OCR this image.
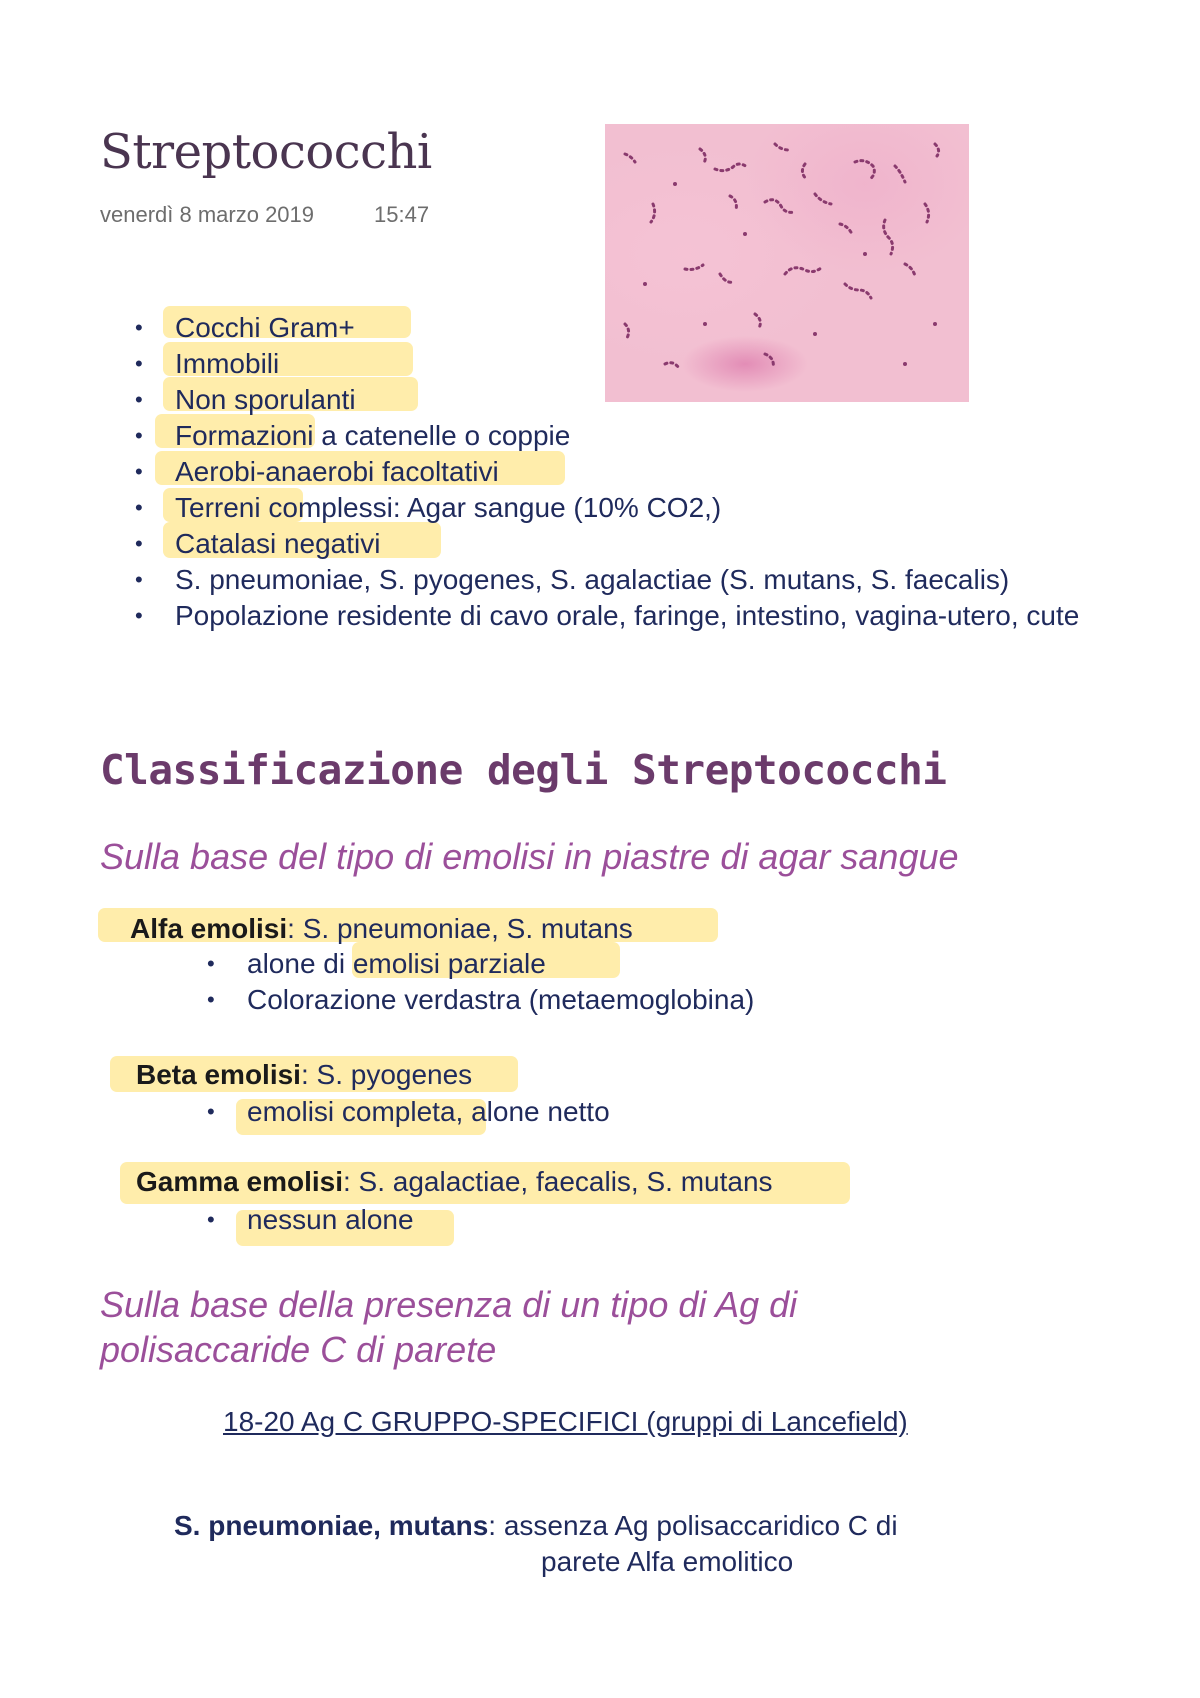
Streptococchi
venerdì 8 marzo 2019	15:47
•	Cocchi Gram+
•	Immobili
•	Non sporulanti
•	Formazioni a catenelle o coppie
•	Aerobi-anaerobi facoltativi
•	Terreni complessi: Agar sangue (10% CO2,)
•	Catalasi negativi
•	S. pneumoniae, S. pyogenes, S. agalactiae (S. mutans, S. faecalis)
•	Popolazione residente di cavo orale, faringe, intestino, vagina-utero, cute
Classificazione degli Streptococchi
Sulla base del tipo di emolisi in piastre di agar sangue
Alfa emolisi: S. pneumoniae, S. mutans
•	alone di emolisi parziale
•	Colorazione verdastra (metaemoglobina)
Beta emolisi: S. pyogenes
•	emolisi completa, alone netto
Gamma emolisi: S. agalactiae, faecalis, S. mutans
•	nessun alone
Sulla base della presenza di un tipo di Ag di polisaccaride C di parete
18-20 Ag C GRUPPO-SPECIFICI (gruppi di Lancefield)
S. pneumoniae, mutans: assenza Ag polisaccaridico C di
parete Alfa emolitico
